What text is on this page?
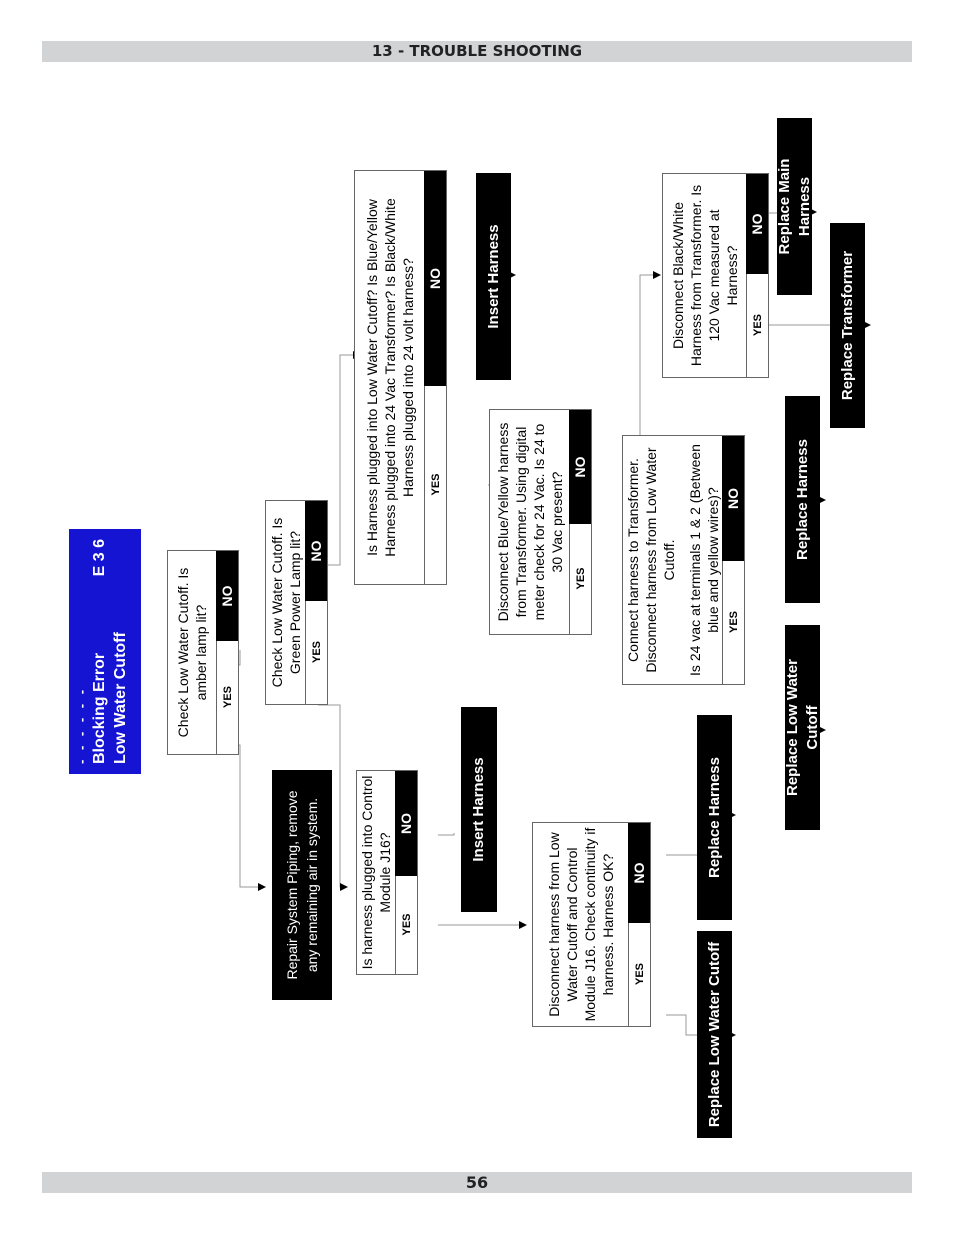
13 - TROUBLE SHOOTING
- - - - - - Blocking Error
E 3 6
Low Water Cutoff	Check Low Water Cutoff. Is amber lamp lit?	YES
NO Check Low Water Cutoff. Is Green Power Lamp lit? YES
NO
Repair System Piping, remove any remaining air in system.	Is harness plugged into Control Module J16?
YES
NO	Insert Harness
Is Harness plugged into Low Water Cutoff? Is Blue/Yellow Harness plugged into 24 Vac Transformer? Is Black/White Harness plugged into 24 volt harness?	YES
NO	Insert Harness
Disconnect harness from Low Water Cutoff and Control Module J16. Check continuity if harness. Harness OK?	YES
NO
Disconnect Blue/Yellow harness from Transformer. Using digital meter check for 24 Vac. Is 24 to 30 Vac present?
YES
NO
Replace Low Water Cutoff
Replace Harness
Connect harness to Transformer. Disconnect harness from Low Water Cutoff. Is 24 vac at terminals 1 & 2 (Between blue and yellow wires)? YES
NO
Disconnect Black/White Harness from Transformer. Is 120 Vac measured at Harness?
YES
NO
Replace Low Water Cutoff
Replace Harness
Replace Transformer
Replace Main Harness
56
